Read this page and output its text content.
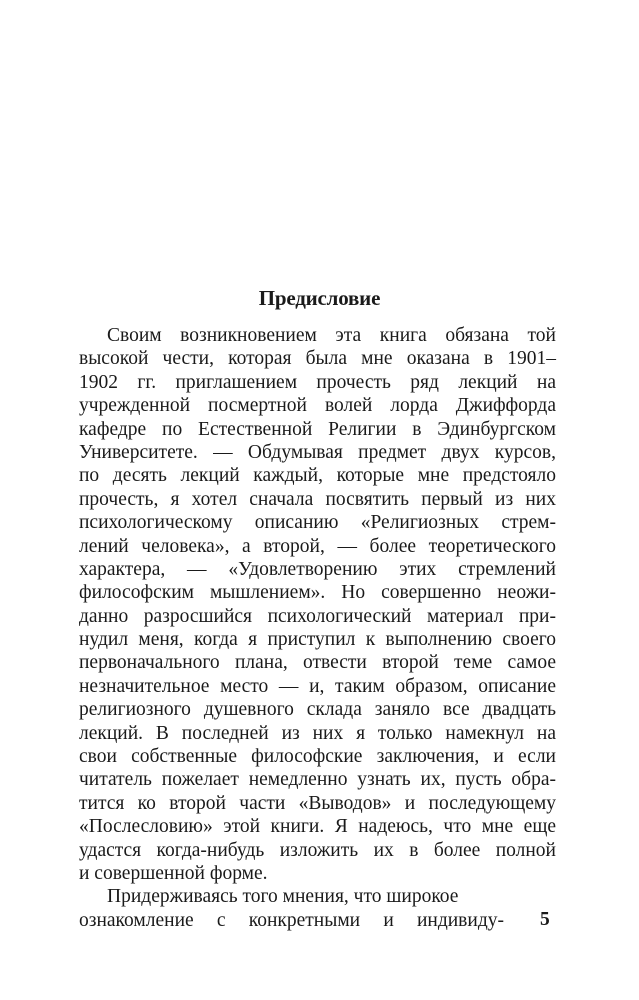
Предисловие
Своим возникновением эта книга обязана той
высокой чести, которая была мне оказана в 1901–
1902 гг. приглашением прочесть ряд лекций на
учрежденной посмертной волей лорда Джиффорда
кафедре по Естественной Религии в Эдинбургском
Университете. — Обдумывая предмет двух курсов,
по десять лекций каждый, которые мне предстояло
прочесть, я хотел сначала посвятить первый из них
психологическому описанию «Религиозных стрем-
лений человека», а второй, — более теоретического
характера, — «Удовлетворению этих стремлений
философским мышлением». Но совершенно неожи-
данно разросшийся психологический материал при-
нудил меня, когда я приступил к выполнению своего
первоначального плана, отвести второй теме самое
незначительное место — и, таким образом, описание
религиозного душевного склада заняло все двадцать
лекций. В последней из них я только намекнул на
свои собственные философские заключения, и если
читатель пожелает немедленно узнать их, пусть обра-
тится ко второй части «Выводов» и последующему
«Послесловию» этой книги. Я надеюсь, что мне еще
удастся когда-нибудь изложить их в более полной
и совершенной форме.
Придерживаясь того мнения, что широкое
ознакомление с конкретными и индивиду- 5
